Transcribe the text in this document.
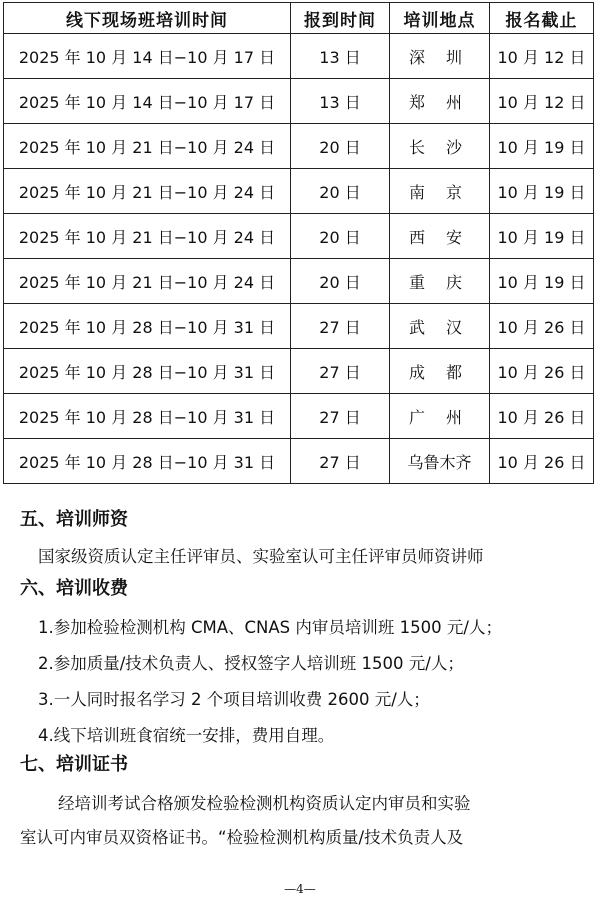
线下现场班培训时间	报到时间	培训地点	报名截止
2025 年 10 月 14 日−10 月 17 日	13 日	深 圳	10 月 12 日
2025 年 10 月 14 日−10 月 17 日	13 日	郑 州	10 月 12 日
2025 年 10 月 21 日−10 月 24 日	20 日	长 沙	10 月 19 日
2025 年 10 月 21 日−10 月 24 日	20 日	南 京	10 月 19 日
2025 年 10 月 21 日−10 月 24 日	20 日	西 安	10 月 19 日
2025 年 10 月 21 日−10 月 24 日	20 日	重 庆	10 月 19 日
2025 年 10 月 28 日−10 月 31 日	27 日	武 汉	10 月 26 日
2025 年 10 月 28 日−10 月 31 日	27 日	成 都	10 月 26 日
2025 年 10 月 28 日−10 月 31 日	27 日	广 州	10 月 26 日
2025 年 10 月 28 日−10 月 31 日	27 日	乌鲁木齐	10 月 26 日
五、培训师资
国家级资质认定主任评审员、实验室认可主任评审员师资讲师
六、培训收费
1.参加检验检测机构 CMA、CNAS 内审员培训班 1500 元/人；
2.参加质量/技术负责人、授权签字人培训班 1500 元/人；
3.一人同时报名学习 2 个项目培训收费 2600 元/人；
4.线下培训班食宿统一安排，费用自理。
七、培训证书
经培训考试合格颁发检验检测机构资质认定内审员和实验
室认可内审员双资格证书。“检验检测机构质量/技术负责人及
—4—
